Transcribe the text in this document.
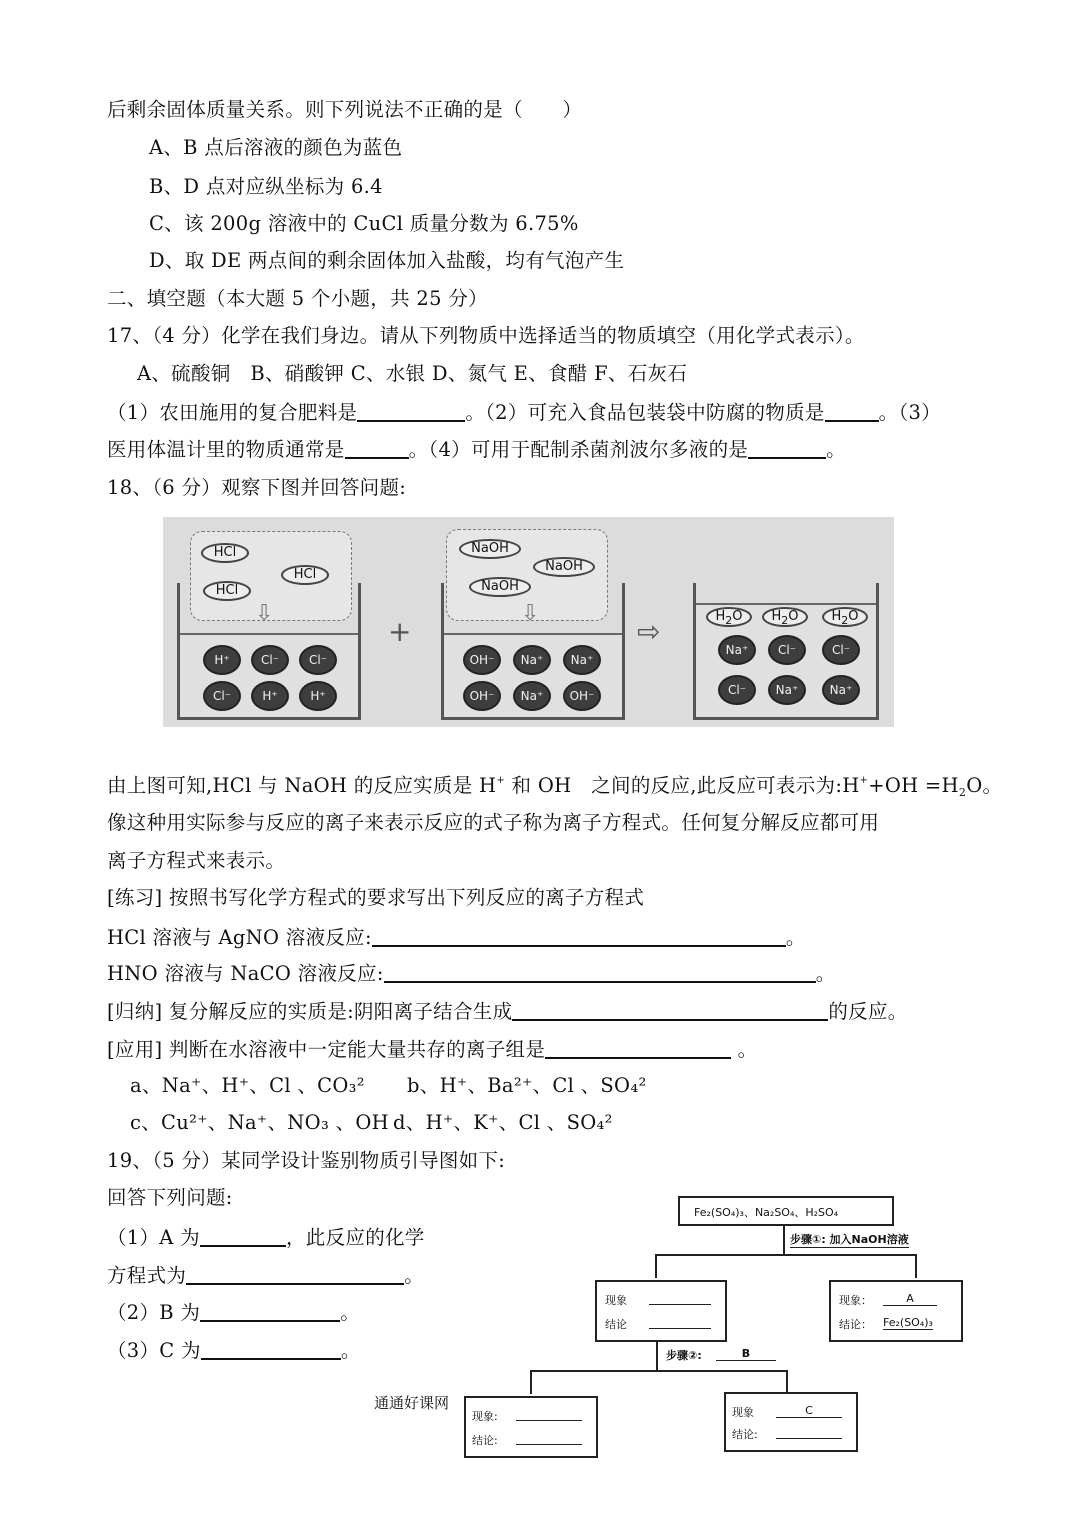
后剩余固体质量关系。则下列说法不正确的是（　　）
A、B 点后溶液的颜色为蓝色
B、D 点对应纵坐标为 6.4
C、该 200g 溶液中的 CuCl 质量分数为 6.75%
D、取 DE 两点间的剩余固体加入盐酸，均有气泡产生
二、填空题（本大题 5 个小题，共 25 分）
17、（4 分）化学在我们身边。请从下列物质中选择适当的物质填空（用化学式表示）。
A、硫酸铜　B、硝酸钾 C、水银 D、氮气 E、食醋 F、石灰石
（1）农田施用的复合肥料是	。（2）可充入食品包装袋中防腐的物质是	。（3）
医用体温计里的物质通常是	。（4）可用于配制杀菌剂波尔多液的是	。
18、（6 分）观察下图并回答问题:
HCl
HCl
HCl
⇩
H⁺	Cl⁻	Cl⁻
Cl⁻	H⁺	H⁺
+
NaOH
NaOH
NaOH
⇩
OH⁻	Na⁺	Na⁺
OH⁻	Na⁺	OH⁻
⇨	$H_2O$	$H_2O$	$H_2O$
Na⁺	Cl⁻	Cl⁻
Cl⁻	Na⁺	Na⁺
由上图可知,HCl 与 NaOH 的反应实质是 H+ 和 OH　之间的反应,此反应可表示为:H++OH $=H_2O$。
像这种用实际参与反应的离子来表示反应的式子称为离子方程式。任何复分解反应都可用
离子方程式来表示。
[练习] 按照书写化学方程式的要求写出下列反应的离子方程式
HCl 溶液与 AgNO 溶液反应:	。
HNO 溶液与 NaCO 溶液反应:	。
[归纳] 复分解反应的实质是:阴阳离子结合生成	的反应。
[应用] 判断在水溶液中一定能大量共存的离子组是	。
a、Na⁺、H⁺、Cl 、CO₃² b、H⁺、Ba²⁺、Cl 、SO₄²
c、Cu²⁺、Na⁺、NO₃ 、OH d、H⁺、K⁺、Cl 、SO₄²
19、（5 分）某同学设计鉴别物质引导图如下:
回答下列问题:
（1）A 为	，此反应的化学
方程式为	。
（2）B 为	。
（3）C 为	。
Fe₂(SO₄)₃、Na₂SO₄、H₂SO₄
步骤①: 加入NaOH溶液
现象
结论
现象：	A
结论： Fe₂(SO₄)₃
步骤②:	B
现象:
结论:
现象	C
结论:
通通好课网
